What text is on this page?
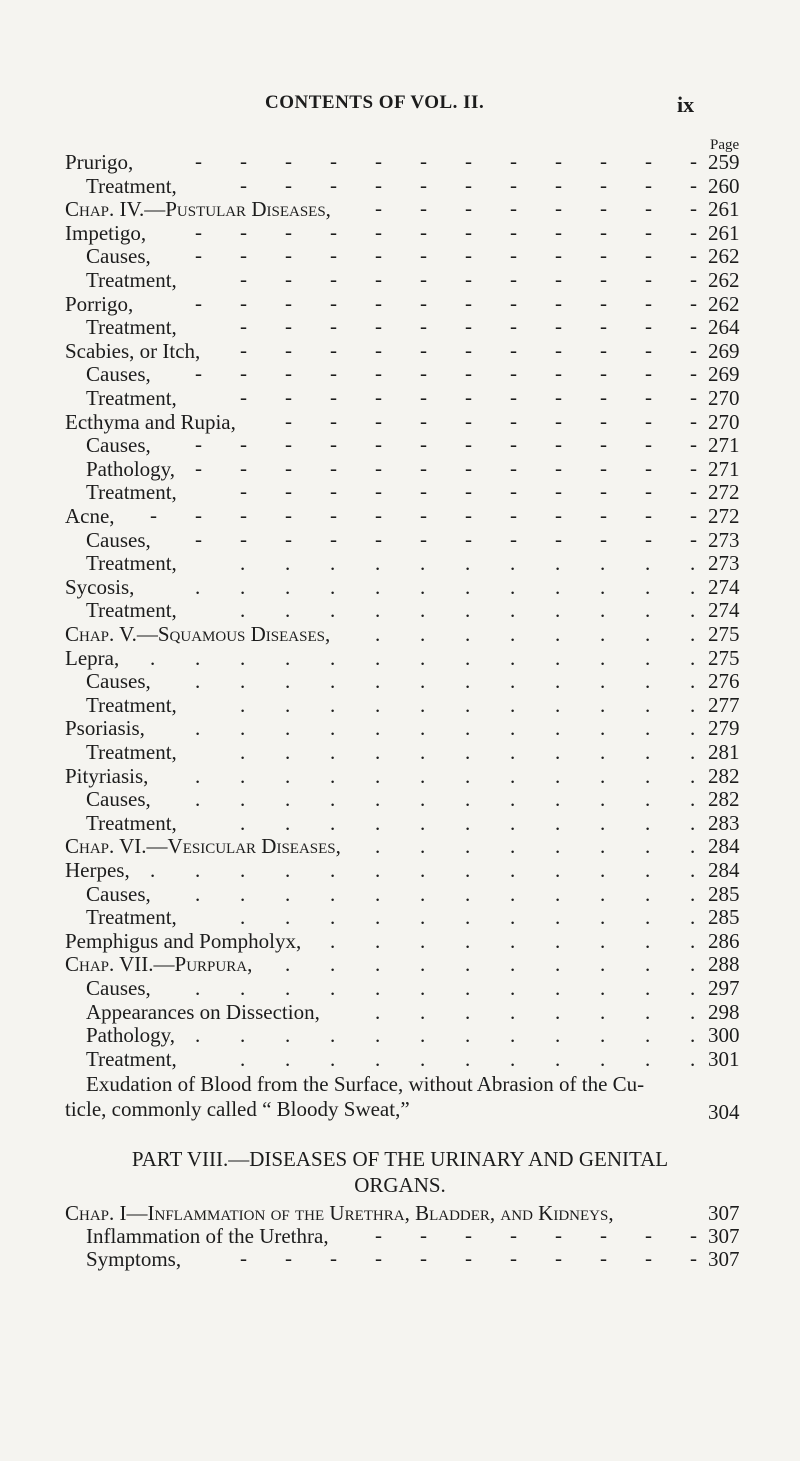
CONTENTS OF VOL. II.	ix
Page
Prurigo,	259
-
-
-
-
-
-
-
-
-
-
-
-
Treatment,	260
-
-
-
-
-
-
-
-
-
-
-
Chap. IV.—Pustular Diseases,	261
-
-
-
-
-
-
-
-
Impetigo,	261
-
-
-
-
-
-
-
-
-
-
-
-
Causes,	262
-
-
-
-
-
-
-
-
-
-
-
-
Treatment,	262
-
-
-
-
-
-
-
-
-
-
-
Porrigo,	262
-
-
-
-
-
-
-
-
-
-
-
-
Treatment,	264
-
-
-
-
-
-
-
-
-
-
-
Scabies, or Itch,	269
-
-
-
-
-
-
-
-
-
-
-
Causes,	269
-
-
-
-
-
-
-
-
-
-
-
-
Treatment,	270
-
-
-
-
-
-
-
-
-
-
-
Ecthyma and Rupia,	270
-
-
-
-
-
-
-
-
-
-
Causes,	271
-
-
-
-
-
-
-
-
-
-
-
-
Pathology,	271
-
-
-
-
-
-
-
-
-
-
-
-
Treatment,	272
-
-
-
-
-
-
-
-
-
-
-
Acne,	272
-
-
-
-
-
-
-
-
-
-
-
-
-
Causes,	273
-
-
-
-
-
-
-
-
-
-
-
-
Treatment,	273
.
.
.
.
.
.
.
.
.
.
.
Sycosis,	274
.
.
.
.
.
.
.
.
.
.
.
.
Treatment,	274
.
.
.
.
.
.
.
.
.
.
.
Chap. V.—Squamous Diseases,	275
.
.
.
.
.
.
.
.
Lepra,	275
.
.
.
.
.
.
.
.
.
.
.
.
.
Causes,	276
.
.
.
.
.
.
.
.
.
.
.
.
Treatment,	277
.
.
.
.
.
.
.
.
.
.
.
Psoriasis,	279
.
.
.
.
.
.
.
.
.
.
.
.
Treatment,	281
.
.
.
.
.
.
.
.
.
.
.
Pityriasis,	282
.
.
.
.
.
.
.
.
.
.
.
.
Causes,	282
.
.
.
.
.
.
.
.
.
.
.
.
Treatment,	283
.
.
.
.
.
.
.
.
.
.
.
Chap. VI.—Vesicular Diseases,	284
.
.
.
.
.
.
.
.
Herpes,	284
.
.
.
.
.
.
.
.
.
.
.
.
.
Causes,	285
.
.
.
.
.
.
.
.
.
.
.
.
Treatment,	285
.
.
.
.
.
.
.
.
.
.
.
Pemphigus and Pompholyx,	286
.
.
.
.
.
.
.
.
.
Chap. VII.—Purpura,	288
.
.
.
.
.
.
.
.
.
.
Causes,	297
.
.
.
.
.
.
.
.
.
.
.
.
Appearances on Dissection,	298
.
.
.
.
.
.
.
.
Pathology,	300
.
.
.
.
.
.
.
.
.
.
.
.
Treatment,	301
.
.
.
.
.
.
.
.
.
.
.
Exudation of Blood from the Surface, without Abrasion of the Cu-
ticle, commonly called “ Bloody Sweat,”	304
PART VIII.—DISEASES OF THE URINARY AND GENITAL
ORGANS.
Chap. I—Inflammation of the Urethra, Bladder, and Kidneys,	307
Inflammation of the Urethra,	307
-
-
-
-
-
-
-
-
Symptoms,	307
-
-
-
-
-
-
-
-
-
-
-
